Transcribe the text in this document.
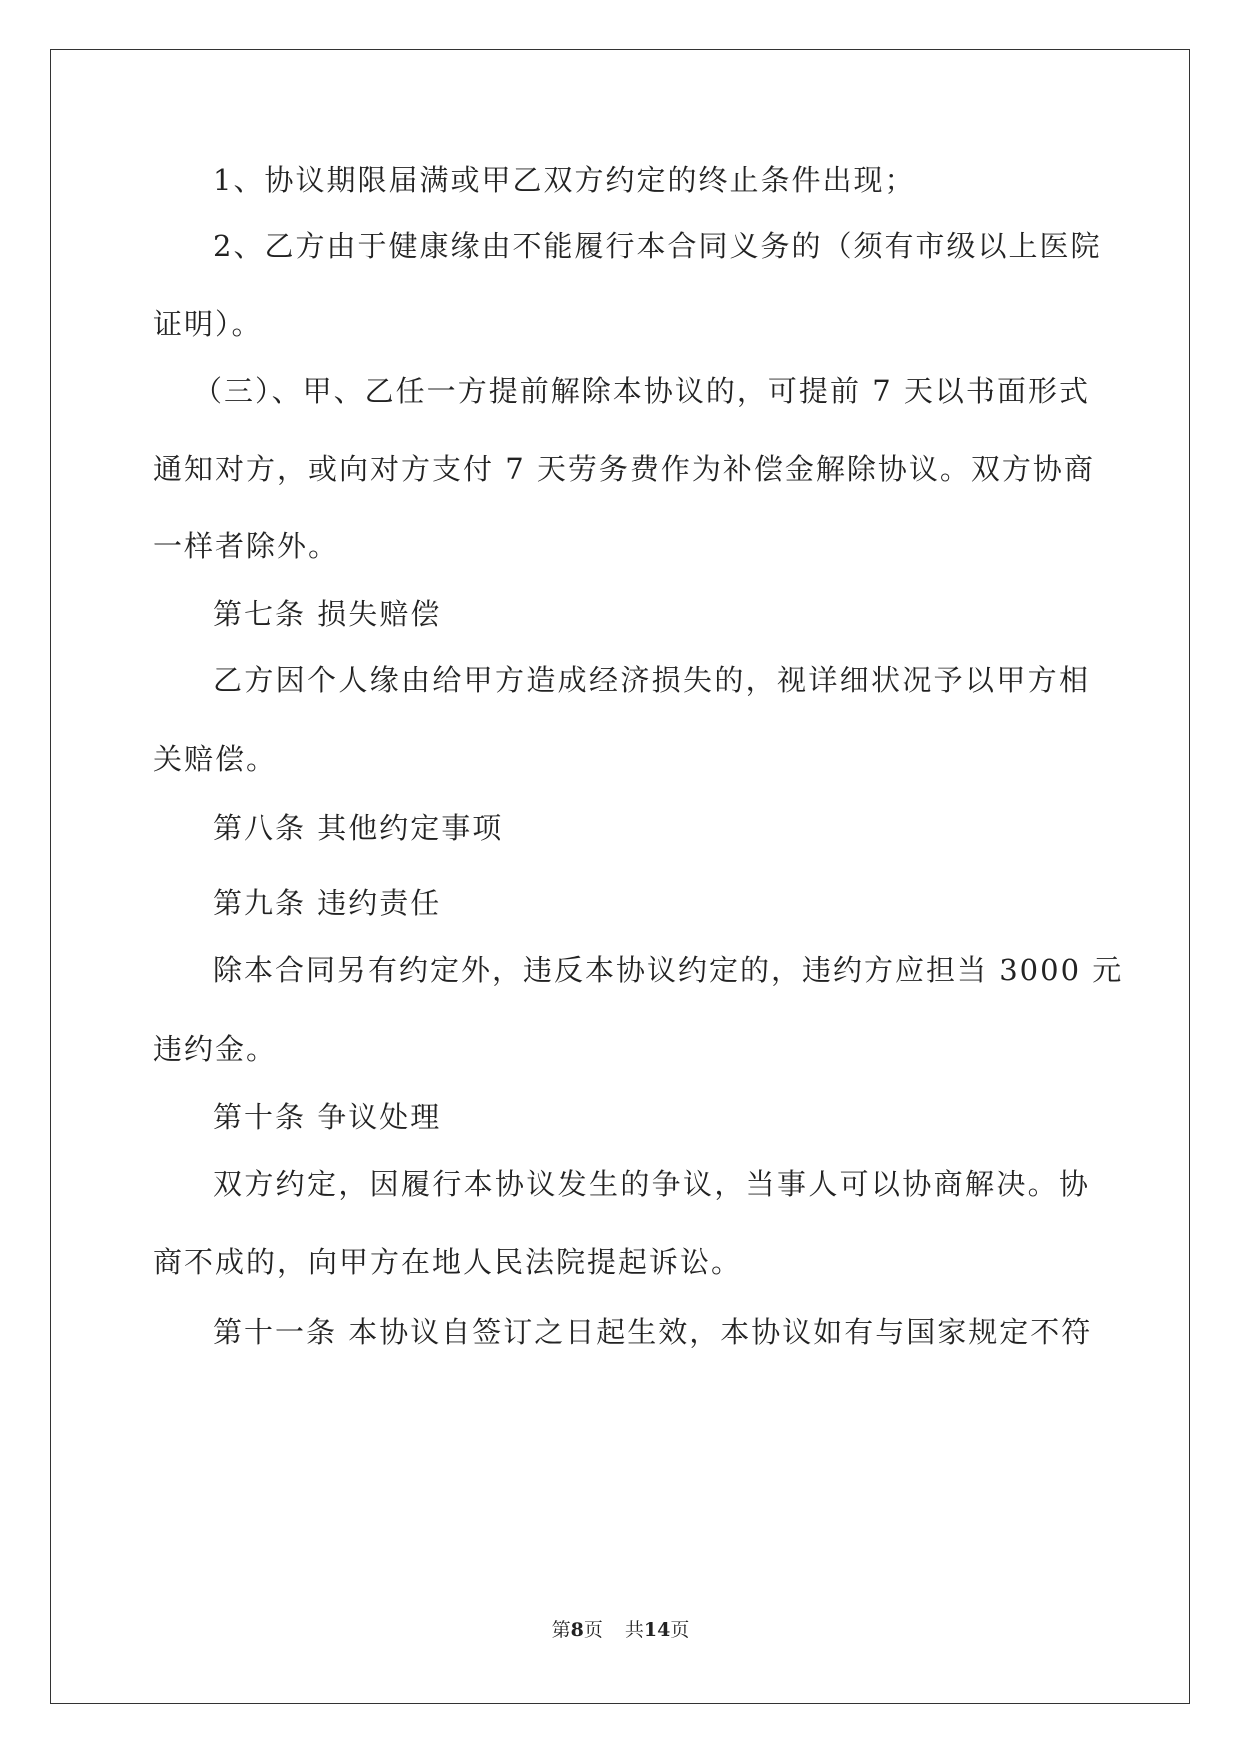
1、协议期限届满或甲乙双方约定的终止条件出现；
2、乙方由于健康缘由不能履行本合同义务的（须有市级以上医院
证明）。
（三）、甲、乙任一方提前解除本协议的，可提前 7 天以书面形式
通知对方，或向对方支付 7 天劳务费作为补偿金解除协议。双方协商
一样者除外。
第七条 损失赔偿
乙方因个人缘由给甲方造成经济损失的，视详细状况予以甲方相
关赔偿。
第八条 其他约定事项
第九条 违约责任
除本合同另有约定外，违反本协议约定的，违约方应担当 3000 元
违约金。
第十条 争议处理
双方约定，因履行本协议发生的争议，当事人可以协商解决。协
商不成的，向甲方在地人民法院提起诉讼。
第十一条 本协议自签订之日起生效，本协议如有与国家规定不符
第8页 共14页
